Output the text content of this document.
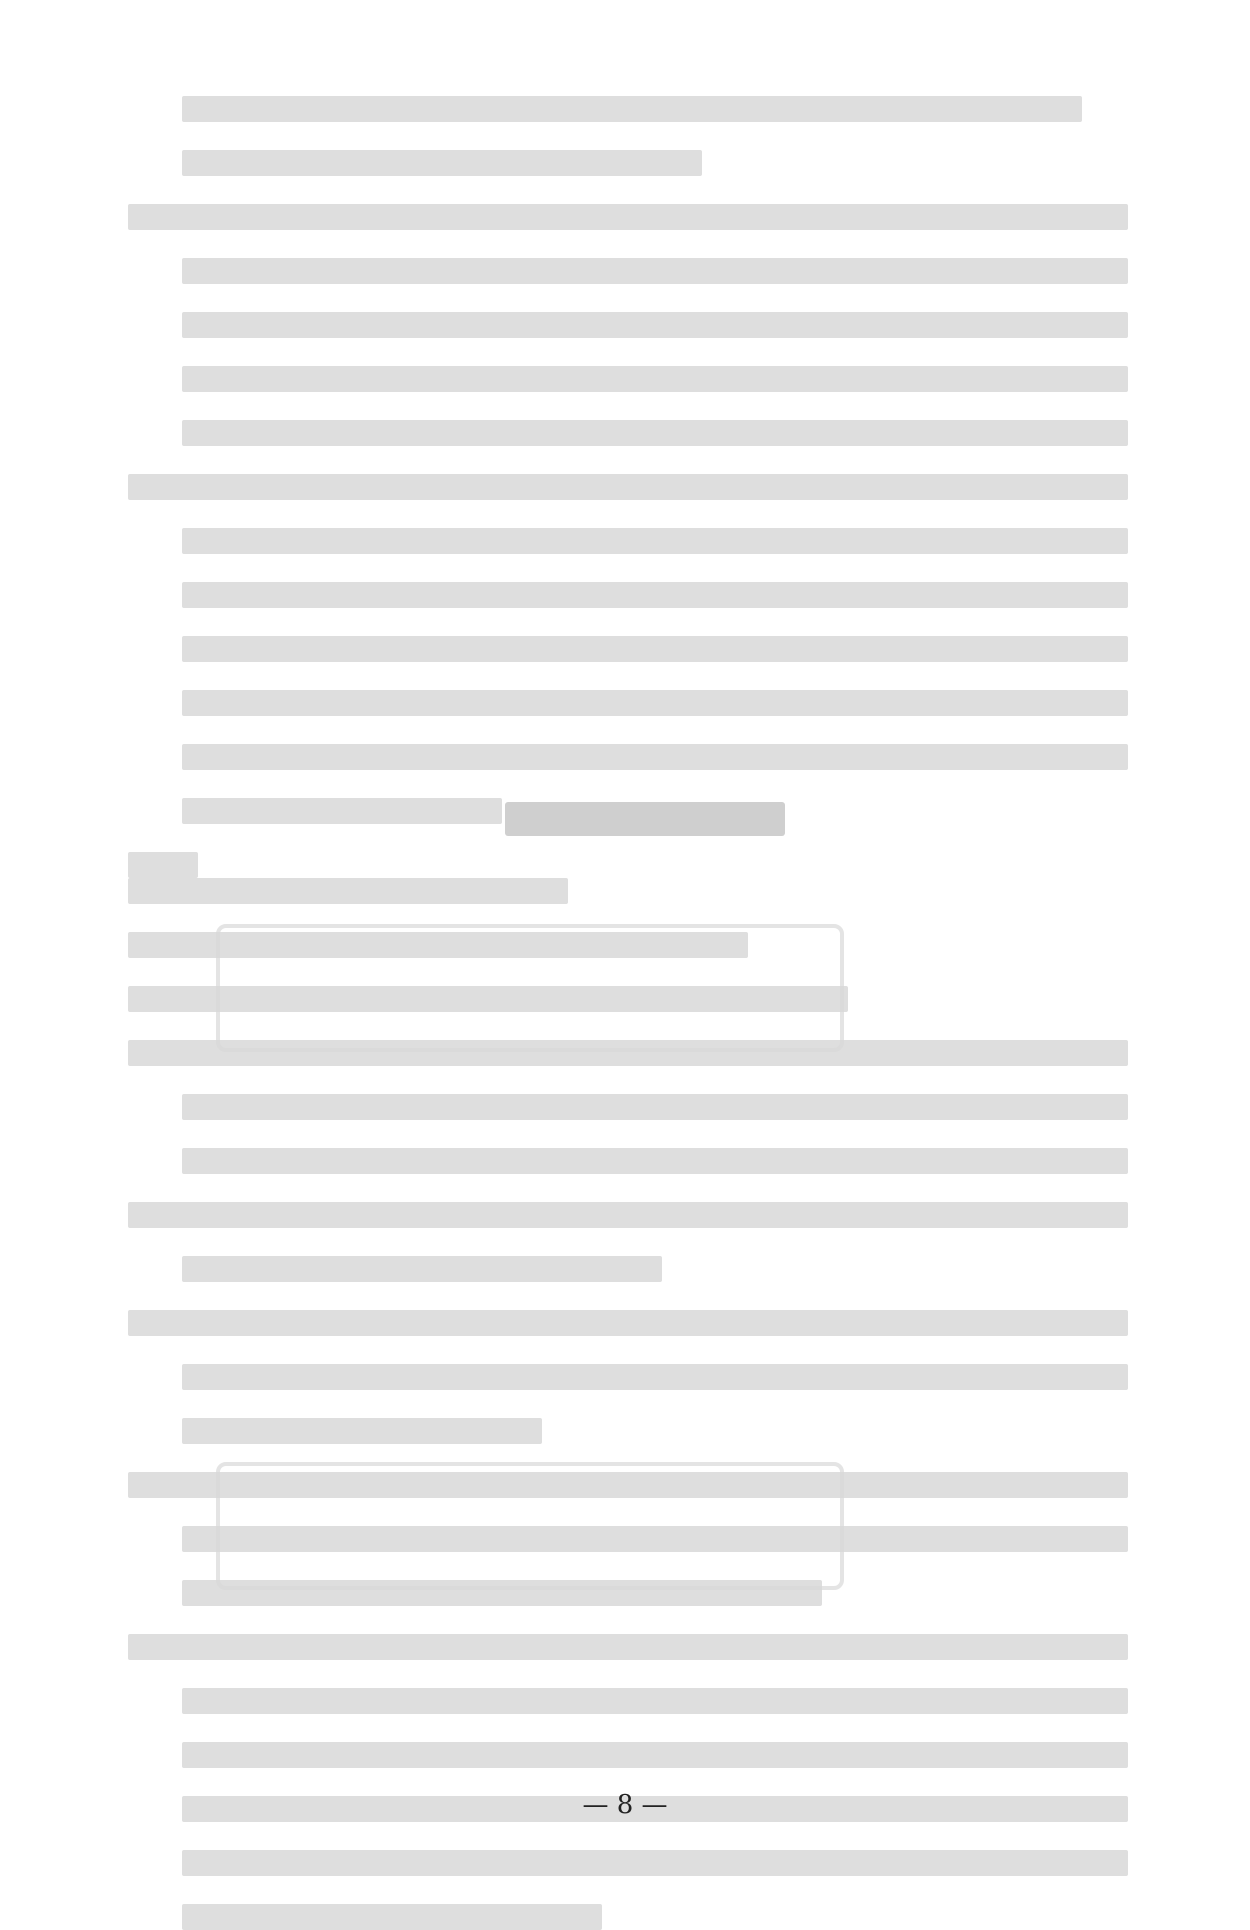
— 8 —
